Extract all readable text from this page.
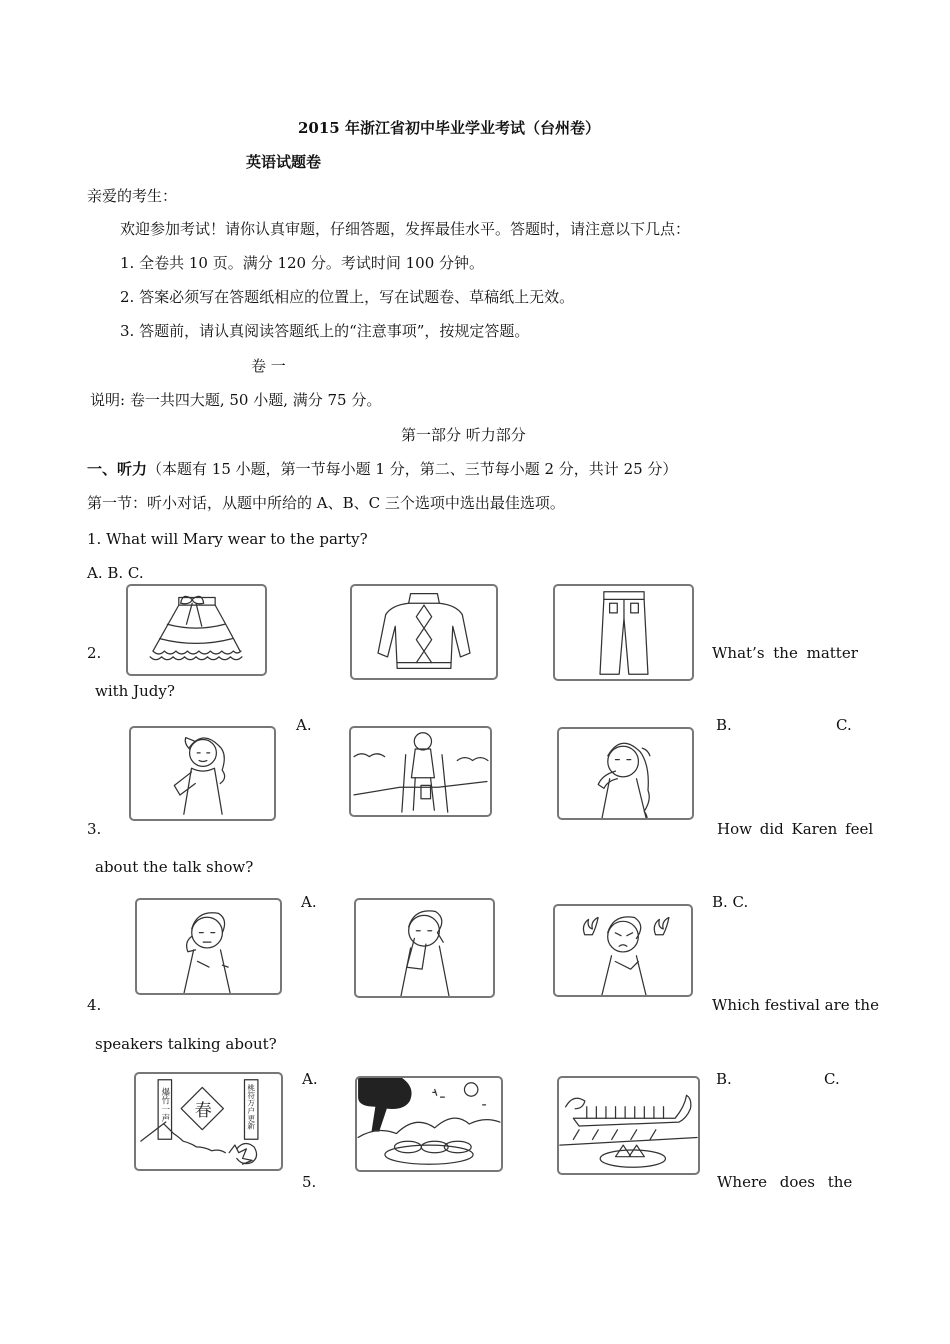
2015 年浙江省初中毕业学业考试（台州卷）
英语试题卷
亲爱的考生：
欢迎参加考试！请你认真审题，仔细答题，发挥最佳水平。答题时，请注意以下几点：
1. 全卷共 10 页。满分 120 分。考试时间 100 分钟。
2. 答案必须写在答题纸相应的位置上，写在试题卷、草稿纸上无效。
3. 答题前，请认真阅读答题纸上的“注意事项”，按规定答题。
卷 一
说明: 卷一共四大题, 50 小题, 满分 75 分。
第一部分 听力部分
一、听力（本题有 15 小题，第一节每小题 1 分，第二、三节每小题 2 分，共计 25 分）
第一节：听小对话，从题中所给的 A、B、C 三个选项中选出最佳选项。
1. What will Mary wear to the party?
A. B. C.
2.	What’s the matter
with Judy?
A.	B.	C.
3.	How did Karen feel
about the talk show?
A.	B. C.
4.	Which festival are the
speakers talking about?
A.	B.	C.
爆竹一声 春	桃符万户更新
5.	Where does the
